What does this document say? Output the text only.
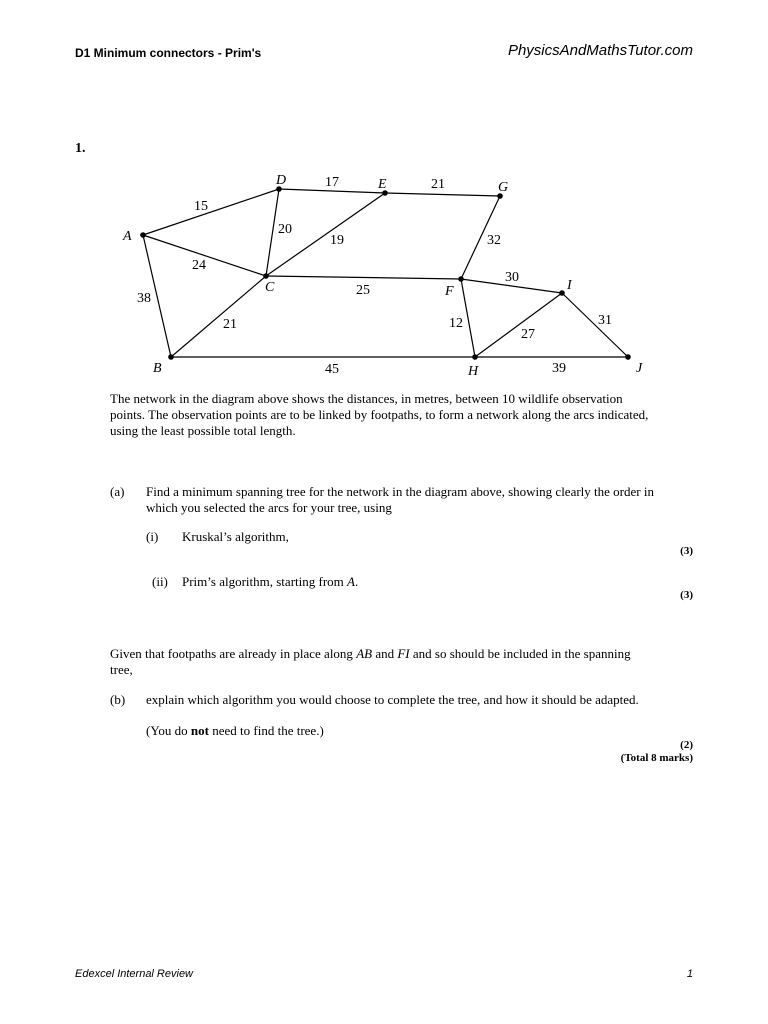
D1 Minimum connectors - Prim's	PhysicsAndMathsTutor.com
1.
A
B
C
D	E
F
G
H
I
J
15
17	21
24
20
19	32
38
25
30
21	12
27
31
45	39
The network in the diagram above shows the distances, in metres, between 10 wildlife observation points. The observation points are to be linked by footpaths, to form a network along the arcs indicated, using the least possible total length.
(a) Find a minimum spanning tree for the network in the diagram above, showing clearly the order in which you selected the arcs for your tree, using
(i) Kruskal’s algorithm,
(3)
(ii) Prim’s algorithm, starting from A.
(3)
Given that footpaths are already in place along AB and FI and so should be included in the spanning tree,
(b) explain which algorithm you would choose to complete the tree, and how it should be adapted.
(You do not need to find the tree.)
(2)
(Total 8 marks)
Edexcel Internal Review	1
